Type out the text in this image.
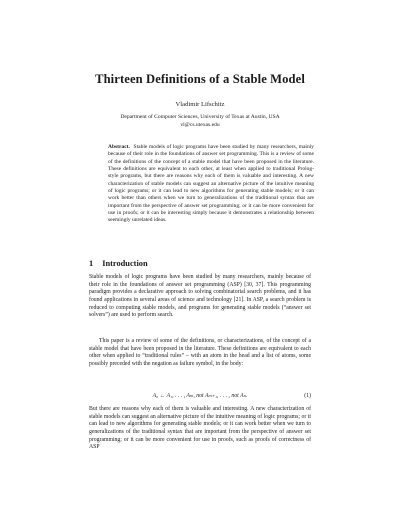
Thirteen Definitions of a Stable Model
Vladimir Lifschitz
Department of Computer Sciences, University of Texas at Austin, USA
vl@cs.utexas.edu
Abstract. Stable models of logic programs have been studied by many researchers, mainly because of their role in the foundations of answer set programming. This is a review of some of the definitions of the concept of a stable model that have been proposed in the literature. These definitions are equivalent to each other, at least when applied to traditional Prolog-style programs, but there are reasons why each of them is valuable and interesting. A new characterization of stable models can suggest an alternative picture of the intuitive meaning of logic programs; or it can lead to new algorithms for generating stable models; or it can work better than others when we turn to generalizations of the traditional syntax that are important from the perspective of answer set programming; or it can be more convenient for use in proofs; or it can be interesting simply because it demonstrates a relationship between seemingly unrelated ideas.
1 Introduction
Stable models of logic programs have been studied by many researchers, mainly because of their role in the foundations of answer set programming (ASP) [30, 37]. This programming paradigm provides a declarative approach to solving combinatorial search problems, and it has found applications in several areas of science and technology [21]. In ASP, a search problem is reduced to computing stable models, and programs for generating stable models (“answer set solvers”) are used to perform search.
This paper is a review of some of the definitions, or characterizations, of the concept of a stable model that have been proposed in the literature. These definitions are equivalent to each other when applied to “traditional rules” – with an atom in the head and a list of atoms, some possibly preceded with the negation as failure symbol, in the body:
A₀ ← A₁, . . . , Aₘ, not Aₘ₊₁, . . . , not Aₙ.	(1)
But there are reasons why each of them is valuable and interesting. A new characterization of stable models can suggest an alternative picture of the intuitive meaning of logic programs; or it can lead to new algorithms for generating stable models; or it can work better when we turn to generalizations of the traditional syntax that are important from the perspective of answer set programming; or it can be more convenient for use in proofs, such as proofs of correctness of ASP
